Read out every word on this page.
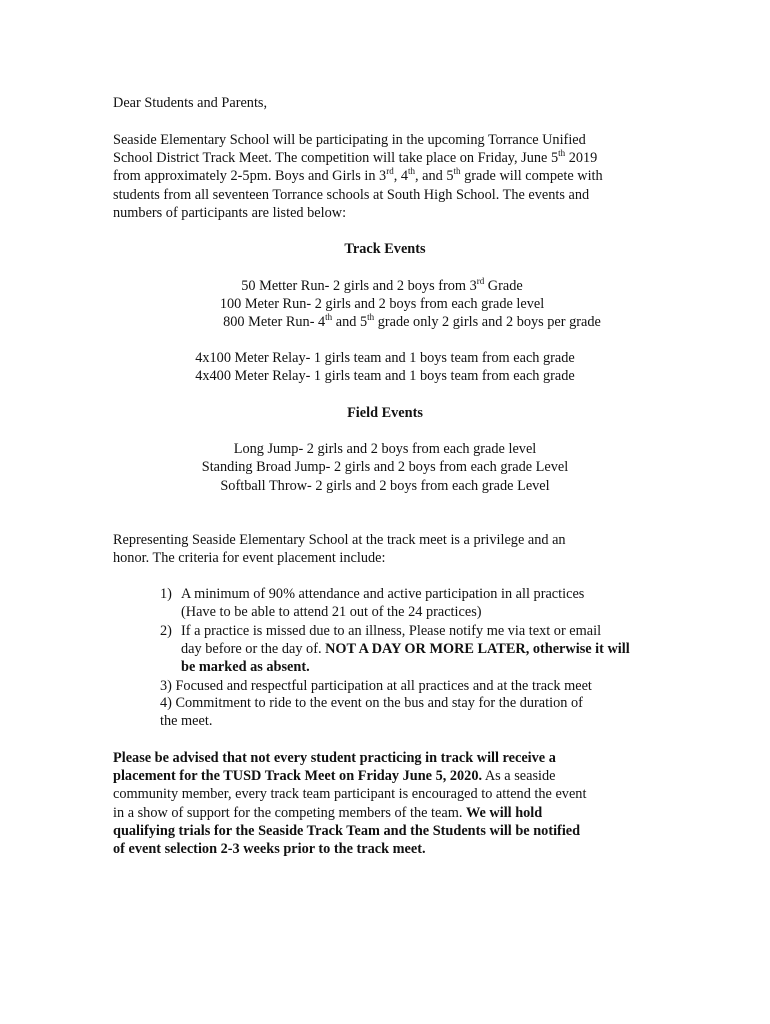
Dear Students and Parents,

Seaside Elementary School will be participating in the upcoming Torrance Unified
School District Track Meet. The competition will take place on Friday, June 5th 2019
from approximately 2-5pm. Boys and Girls in 3rd, 4th, and 5th grade will compete with
students from all seventeen Torrance schools at South High School. The events and
numbers of participants are listed below:

Track Events

50 Metter Run- 2 girls and 2 boys from 3rd Grade

100 Meter Run- 2 girls and 2 boys from each grade level

800 Meter Run- 4th and 5th grade only 2 girls and 2 boys per grade

4x100 Meter Relay- 1 girls team and 1 boys team from each grade

4x400 Meter Relay- 1 girls team and 1 boys team from each grade

Field Events

Long Jump- 2 girls and 2 boys from each grade level

Standing Broad Jump- 2 girls and 2 boys from each grade Level

Softball Throw- 2 girls and 2 boys from each grade Level

Representing Seaside Elementary School at the track meet is a privilege and an
honor. The criteria for event placement include:
1) A minimum of 90% attendance and active participation in all practices
(Have to be able to attend 21 out of the 24 practices)
2) If a practice is missed due to an illness, Please notify me via text or email
day before or the day of. NOT A DAY OR MORE LATER, otherwise it will
be marked as absent.

3) Focused and respectful participation at all practices and at the track meet

4) Commitment to ride to the event on the bus and stay for the duration of
the meet.
Please be advised that not every student practicing in track will receive a
placement for the TUSD Track Meet on Friday June 5, 2020. As a seaside
community member, every track team participant is encouraged to attend the event
in a show of support for the competing members of the team. We will hold
qualifying trials for the Seaside Track Team and the Students will be notified
of event selection 2-3 weeks prior to the track meet.
